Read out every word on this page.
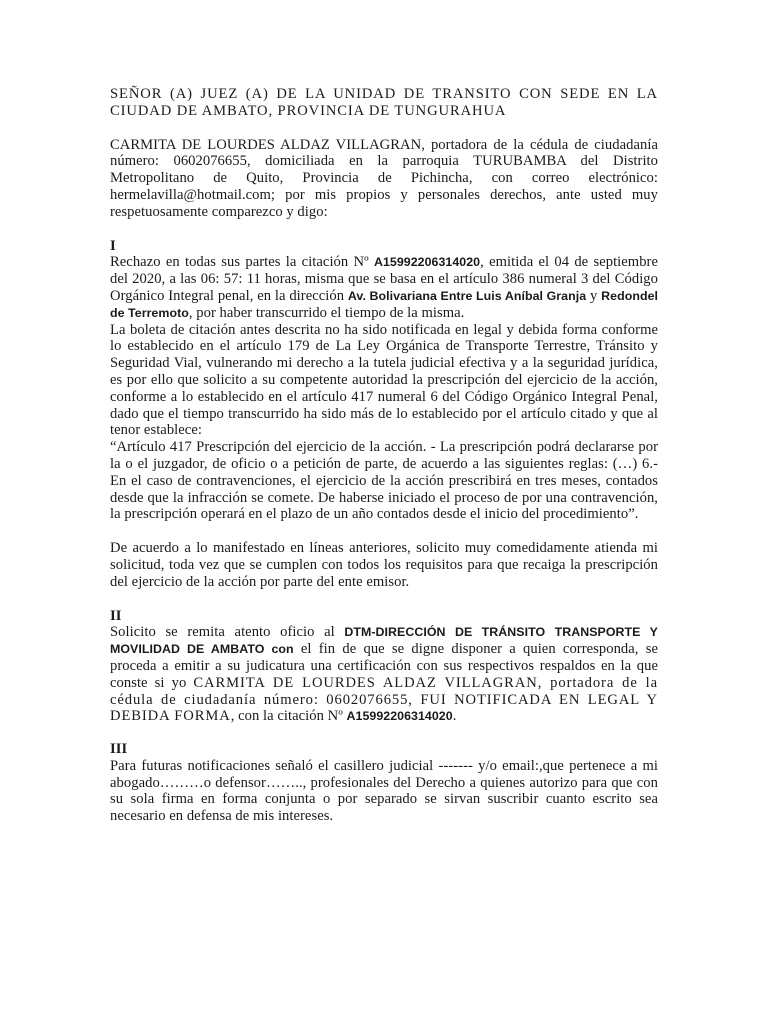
SEÑOR (A) JUEZ (A) DE LA UNIDAD DE TRANSITO CON SEDE EN LA CIUDAD DE AMBATO, PROVINCIA DE TUNGURAHUA

CARMITA DE LOURDES ALDAZ VILLAGRAN, portadora de la cédula de ciudadanía número: 0602076655, domiciliada en la parroquia TURUBAMBA del Distrito Metropolitano de Quito, Provincia de Pichincha, con correo electrónico: hermelavilla@hotmail.com; por mis propios y personales derechos, ante usted muy respetuosamente comparezco y digo:

I

Rechazo en todas sus partes la citación Nº A15992206314020, emitida el 04 de septiembre del 2020, a las 06: 57: 11 horas, misma que se basa en el artículo 386 numeral 3 del Código Orgánico Integral penal, en la dirección Av. Bolivariana Entre Luis Aníbal Granja y Redondel de Terremoto, por haber transcurrido el tiempo de la misma.

La boleta de citación antes descrita no ha sido notificada en legal y debida forma conforme lo establecido en el artículo 179 de La Ley Orgánica de Transporte Terrestre, Tránsito y Seguridad Vial, vulnerando mi derecho a la tutela judicial efectiva y a la seguridad jurídica, es por ello que solicito a su competente autoridad la prescripción del ejercicio de la acción, conforme a lo establecido en el artículo 417 numeral 6 del Código Orgánico Integral Penal, dado que el tiempo transcurrido ha sido más de lo establecido por el artículo citado y que al tenor establece:

“Artículo 417 Prescripción del ejercicio de la acción. - La prescripción podrá declararse por la o el juzgador, de oficio o a petición de parte, de acuerdo a las siguientes reglas: (…) 6.- En el caso de contravenciones, el ejercicio de la acción prescribirá en tres meses, contados desde que la infracción se comete. De haberse iniciado el proceso de por una contravención, la prescripción operará en el plazo de un año contados desde el inicio del procedimiento”.

De acuerdo a lo manifestado en líneas anteriores, solicito muy comedidamente atienda mi solicitud, toda vez que se cumplen con todos los requisitos para que recaiga la prescripción del ejercicio de la acción por parte del ente emisor.

II

Solicito se remita atento oficio al DTM-DIRECCIÓN DE TRÁNSITO TRANSPORTE Y MOVILIDAD DE AMBATO con el fin de que se digne disponer a quien corresponda, se proceda a emitir a su judicatura una certificación con sus respectivos respaldos en la que conste si yo CARMITA DE LOURDES ALDAZ VILLAGRAN, portadora de la cédula de ciudadanía número: 0602076655, FUI NOTIFICADA EN LEGAL Y DEBIDA FORMA, con la citación Nº A15992206314020.

III

Para futuras notificaciones señaló el casillero judicial ------- y/o email:,que pertenece a mi abogado………o defensor…….., profesionales del Derecho a quienes autorizo para que con su sola firma en forma conjunta o por separado se sirvan suscribir cuanto escrito sea necesario en defensa de mis intereses.
